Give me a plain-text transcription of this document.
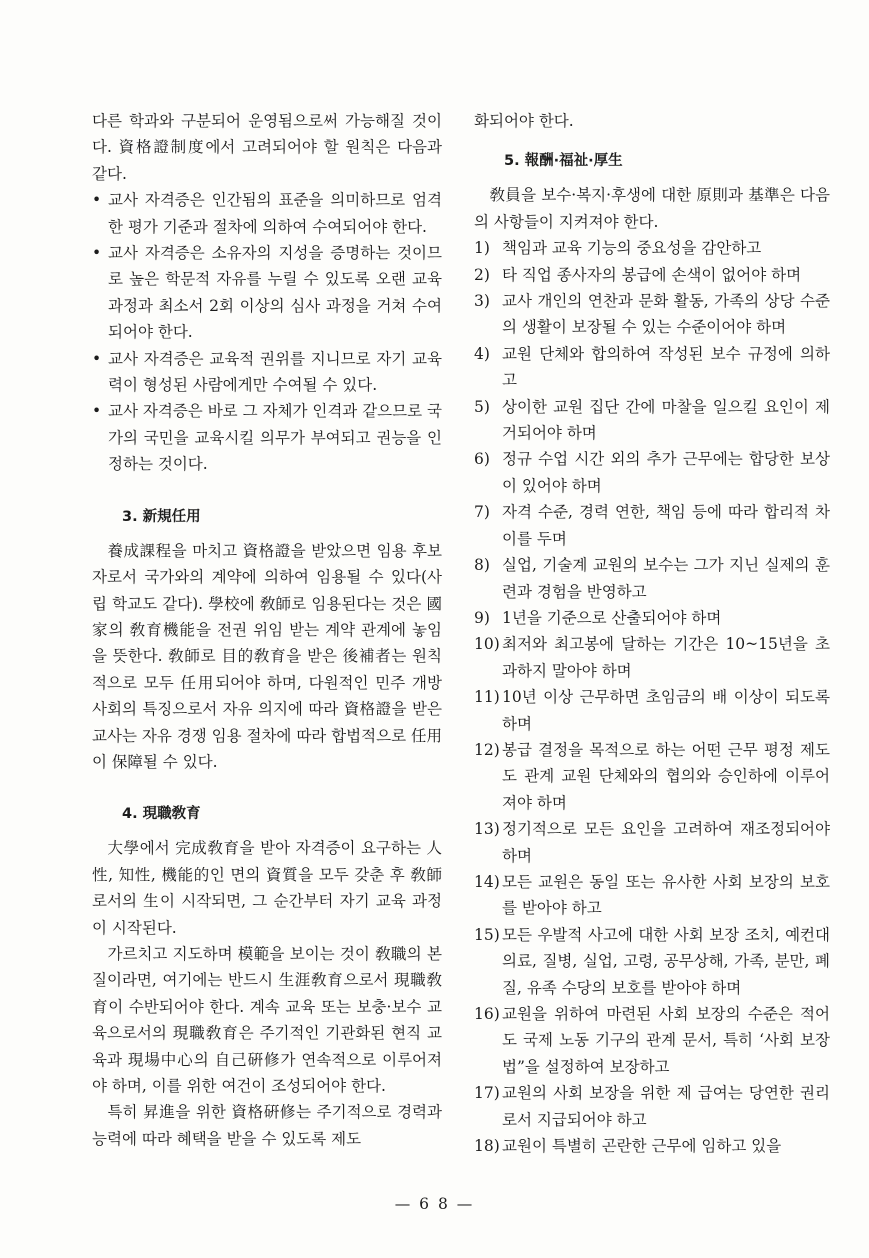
다른 학과와 구분되어 운영됨으로써 가능해질 것이다. 資格證制度에서 고려되어야 할 원칙은 다음과 같다.

• 교사 자격증은 인간됨의 표준을 의미하므로 엄격한 평가 기준과 절차에 의하여 수여되어야 한다.
• 교사 자격증은 소유자의 지성을 증명하는 것이므로 높은 학문적 자유를 누릴 수 있도록 오랜 교육 과정과 최소서 2회 이상의 심사 과정을 거쳐 수여되어야 한다.
• 교사 자격증은 교육적 권위를 지니므로 자기 교육력이 형성된 사람에게만 수여될 수 있다.
• 교사 자격증은 바로 그 자체가 인격과 같으므로 국가의 국민을 교육시킬 의무가 부여되고 권능을 인정하는 것이다.
3. 新規任用

養成課程을 마치고 資格證을 받았으면 임용 후보자로서 국가와의 계약에 의하여 임용될 수 있다(사립 학교도 같다). 學校에 敎師로 임용된다는 것은 國家의 敎育機能을 전권 위임 받는 계약 관계에 놓임을 뜻한다. 敎師로 目的敎育을 받은 後補者는 원칙적으로 모두 任用되어야 하며, 다원적인 민주 개방 사회의 특징으로서 자유 의지에 따라 資格證을 받은 교사는 자유 경쟁 임용 절차에 따라 합법적으로 任用이 保障될 수 있다.

4. 現職敎育

大學에서 完成敎育을 받아 자격증이 요구하는 人性, 知性, 機能的인 면의 資質을 모두 갖춘 후 敎師로서의 生이 시작되면, 그 순간부터 자기 교육 과정이 시작된다.

가르치고 지도하며 模範을 보이는 것이 敎職의 본질이라면, 여기에는 반드시 生涯敎育으로서 現職敎育이 수반되어야 한다. 계속 교육 또는 보충·보수 교육으로서의 現職敎育은 주기적인 기관화된 현직 교육과 現場中心의 自己硏修가 연속적으로 이루어져야 하며, 이를 위한 여건이 조성되어야 한다.

특히 昇進을 위한 資格硏修는 주기적으로 경력과 능력에 따라 혜택을 받을 수 있도록 제도

화되어야 한다.

5. 報酬·福祉·厚生

敎員을 보수·복지·후생에 대한 原則과 基準은 다음의 사항들이 지켜져야 한다.

1) 책임과 교육 기능의 중요성을 감안하고
2) 타 직업 종사자의 봉급에 손색이 없어야 하며
3) 교사 개인의 연찬과 문화 활동, 가족의 상당 수준의 생활이 보장될 수 있는 수준이어야 하며
4) 교원 단체와 합의하여 작성된 보수 규정에 의하고
5) 상이한 교원 집단 간에 마찰을 일으킬 요인이 제거되어야 하며
6) 정규 수업 시간 외의 추가 근무에는 합당한 보상이 있어야 하며
7) 자격 수준, 경력 연한, 책임 등에 따라 합리적 차이를 두며
8) 실업, 기술계 교원의 보수는 그가 지닌 실제의 훈련과 경험을 반영하고
9) 1년을 기준으로 산출되어야 하며
10) 최저와 최고봉에 달하는 기간은 10~15년을 초과하지 말아야 하며
11) 10년 이상 근무하면 초임금의 배 이상이 되도록 하며
12) 봉급 결정을 목적으로 하는 어떤 근무 평정 제도도 관계 교원 단체와의 협의와 승인하에 이루어져야 하며
13) 정기적으로 모든 요인을 고려하여 재조정되어야 하며
14) 모든 교원은 동일 또는 유사한 사회 보장의 보호를 받아야 하고
15) 모든 우발적 사고에 대한 사회 보장 조치, 예컨대 의료, 질병, 실업, 고령, 공무상해, 가족, 분만, 폐질, 유족 수당의 보호를 받아야 하며
16) 교원을 위하여 마련된 사회 보장의 수준은 적어도 국제 노동 기구의 관계 문서, 특히 ‘사회 보장법”을 설정하여 보장하고
17) 교원의 사회 보장을 위한 제 급여는 당연한 권리로서 지급되어야 하고
18) 교원이 특별히 곤란한 근무에 임하고 있을
— 6 8 —
